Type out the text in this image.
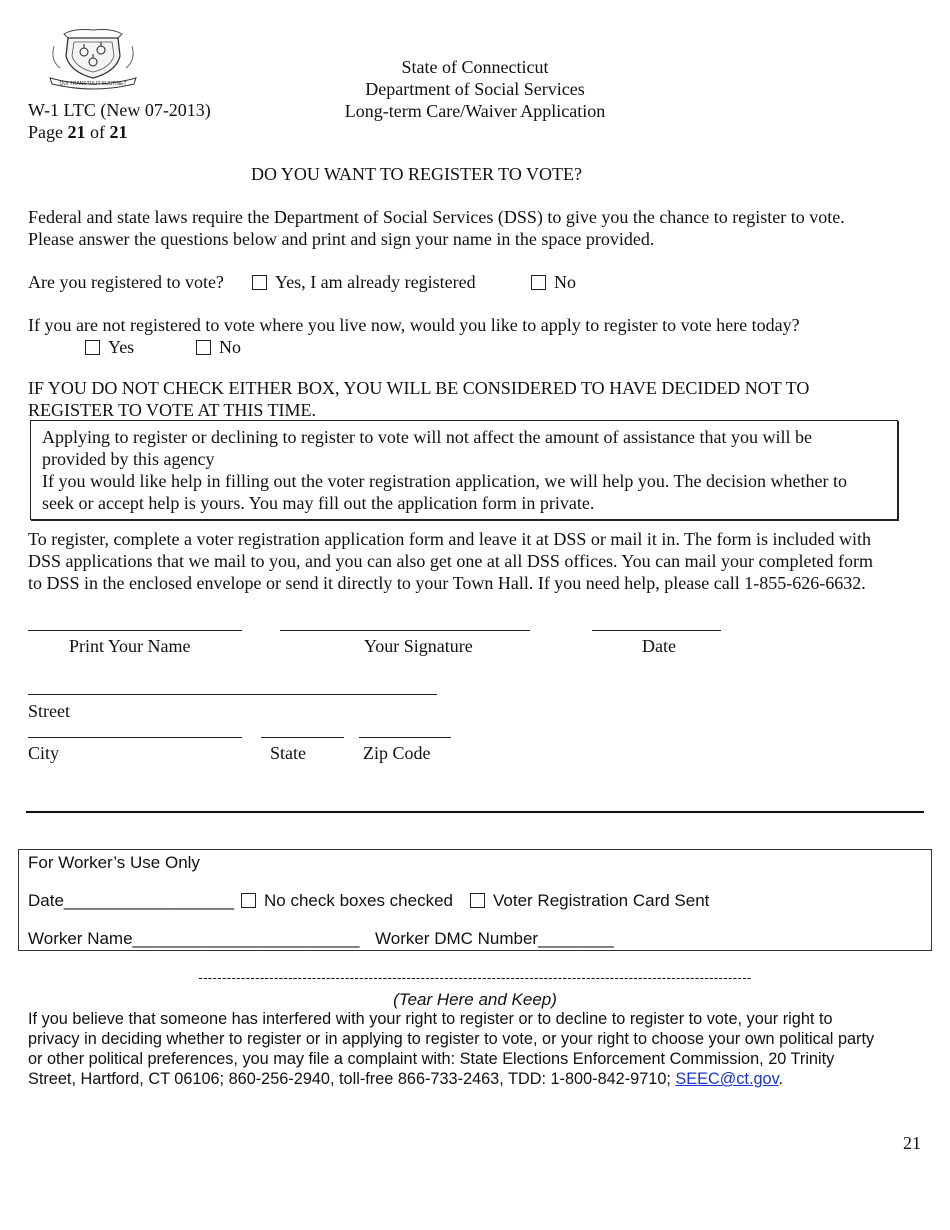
QUI TRANSTULIT SUSTINET
State of Connecticut
Department of Social Services
Long-term Care/Waiver Application
W-1 LTC (New 07-2013)
Page 21 of 21
DO YOU WANT TO REGISTER TO VOTE?
Federal and state laws require the Department of Social Services (DSS) to give you the chance to register to vote.
Please answer the questions below and print and sign your name in the space provided.
Are you registered to vote?	Yes, I am already registered	No
If you are not registered to vote where you live now, would you like to apply to register to vote here today?
Yes	No
IF YOU DO NOT CHECK EITHER BOX, YOU WILL BE CONSIDERED TO HAVE DECIDED NOT TO
REGISTER TO VOTE AT THIS TIME.
Applying to register or declining to register to vote will not affect the amount of assistance that you will be
provided by this agency
If you would like help in filling out the voter registration application, we will help you. The decision whether to
seek or accept help is yours. You may fill out the application form in private.
To register, complete a voter registration application form and leave it at DSS or mail it in. The form is included with
DSS applications that we mail to you, and you can also get one at all DSS offices. You can mail your completed form
to DSS in the enclosed envelope or send it directly to your Town Hall. If you need help, please call 1-855-626-6632.
Print Your Name	Your Signature	Date
Street
City	State	Zip Code
For Worker’s Use Only
Date__________________	No check boxes checked	Voter Registration Card Sent
Worker Name________________________ Worker DMC Number________
---------------------------------------------------------------------------------------------------------------------
(Tear Here and Keep)
If you believe that someone has interfered with your right to register or to decline to register to vote, your right to
privacy in deciding whether to register or in applying to register to vote, or your right to choose your own political party
or other political preferences, you may file a complaint with: State Elections Enforcement Commission, 20 Trinity
Street, Hartford, CT 06106; 860-256-2940, toll-free 866-733-2463, TDD: 1-800-842-9710; SEEC@ct.gov.
21
